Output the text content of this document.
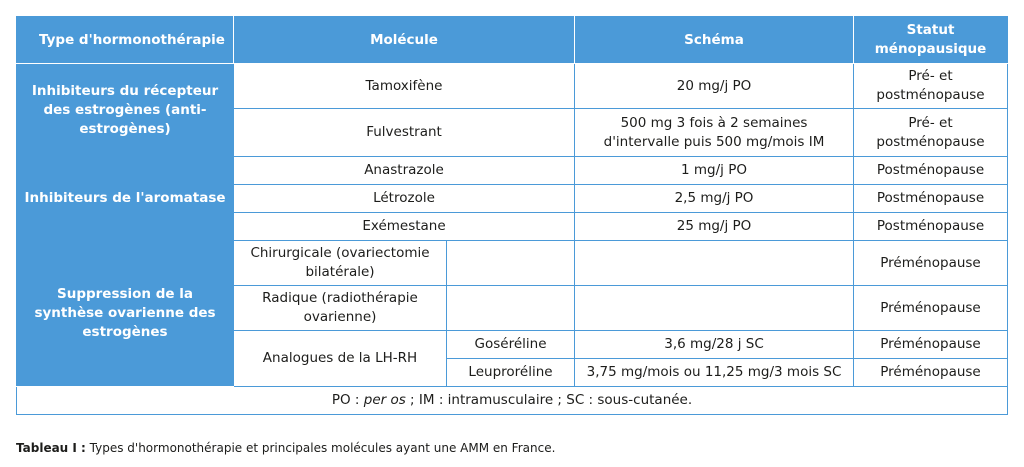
Type d'hormonothérapie	Molécule		Schéma	Statut ménopausique
Inhibiteurs du récepteur des estrogènes (anti-estrogènes)	Tamoxifène		20 mg/j PO	Pré- et postménopause
	Fulvestrant		500 mg 3 fois à 2 semaines d'intervalle puis 500 mg/mois IM	Pré- et postménopause
Inhibiteurs de l'aromatase	Anastrazole		1 mg/j PO	Postménopause
	Létrozole		2,5 mg/j PO	Postménopause
	Exémestane		25 mg/j PO	Postménopause
Suppression de la synthèse ovarienne des estrogènes	Chirurgicale (ovariectomie bilatérale)			Préménopause
	Radique (radiothérapie ovarienne)			Préménopause
	Analogues de la LH-RH	Goséréline	3,6 mg/28 j SC	Préménopause
		Leuproréline	3,75 mg/mois ou 11,25 mg/3 mois SC	Préménopause
PO : per os ; IM : intramusculaire ; SC : sous-cutanée.				
Tableau I : Types d'hormonothérapie et principales molécules ayant une AMM en France.
